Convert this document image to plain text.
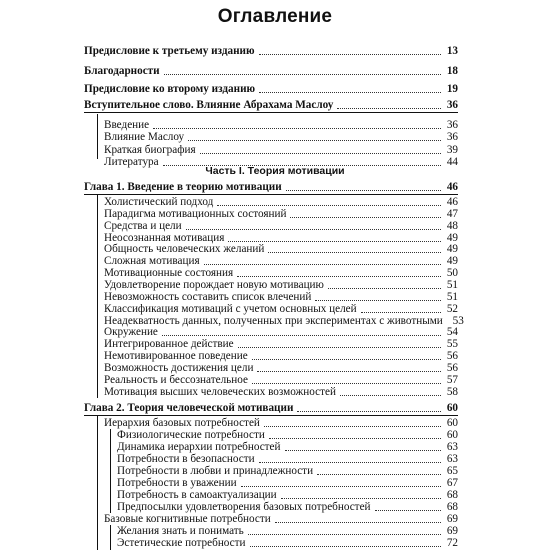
Оглавление
Предисловие к третьему изданию	13
Благодарности	18
Предисловие ко второму изданию	19
Вступительное слово. Влияние Абрахама Маслоу	36
Введение	36
Влияние Маслоу	36
Краткая биография	39
Литература	44
Часть I. Теория мотивации
Глава 1. Введение в теорию мотивации	46
Холистический подход	46
Парадигма мотивационных состояний	47
Средства и цели	48
Неосознанная мотивация	49
Общность человеческих желаний	49
Сложная мотивация	49
Мотивационные состояния	50
Удовлетворение порождает новую мотивацию	51
Невозможность составить список влечений	51
Классификация мотиваций с учетом основных целей	52
Неадекватность данных, полученных при экспериментах с животными 53
Окружение	54
Интегрированное действие	55
Немотивированное поведение	56
Возможность достижения цели	56
Реальность и бессознательное	57
Мотивация высших человеческих возможностей	58
Глава 2. Теория человеческой мотивации	60
Иерархия базовых потребностей	60
Физиологические потребности	60
Динамика иерархии потребностей	63
Потребности в безопасности	63
Потребности в любви и принадлежности	65
Потребности в уважении	67
Потребность в самоактуализации	68
Предпосылки удовлетворения базовых потребностей	68
Базовые когнитивные потребности	69
Желания знать и понимать	69
Эстетические потребности	72
